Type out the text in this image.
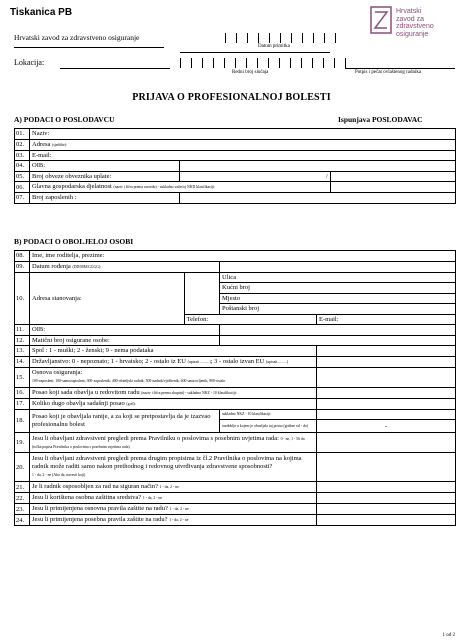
Tiskanica PB
Hrvatski zavod za zdravstveno osiguranje
Lokacija:
Datum primitka
Redni broj slučaja	Potpis i pečat ovlaštenog radnika
Hrvatski
zavod za
zdravstveno
osiguranje
PRIJAVA O PROFESIONALNOJ BOLESTI
A) PODACI O POSLODAVCU	Ispunjava POSLODAVAC
01.	Naziv:		
02.	Adresa (sjedište):		
03.	E-mail:		
04.	OIB:		
05.	Broj obveze obveznika uplate:	/	
06.	Glavna gospodarska djelatnost (naziv i šifra prema razredu) - sukladno važećoj NKD klasifikaciji:		
07.	Broj zaposlenih :		
B) PODACI O OBOLJELOJ OSOBI
08.	Ime, ime roditelja, prezime:			
09.	Datum rođenja (DD/MM/GGGG):			
10.	Adresa stanovanja:		Ulica	
			Kućni broj	
			Mjesto	
			Poštanski broj	
		Telefon:		E-mail:
11.	OIB:			
12.	Matični broj osigurane osobe:			
13.	Spol : 1 - muški; 2 - ženski; 9 - nema podataka			
14.	Državljanstvo: 0 - nepoznato; 1 - hrvatsko; 2 - ostalo iz EU (upisati ..........); 3 - ostalo izvan EU (upisati..........)			
15.	Osnova osiguranja:
100-zaposleni; 100-samozaposleni; 300-zaposlenik; 400-obiteljski radnik; 500-nadnik/vježbenik; 600-umirovljenik; 900-ostalo			

16.	Posao koji sada obavlja u redovitom radu (naziv i šifra prema skupini) - sukladno NKZ - 10 klasifikaciji:			
17.	Koliko dugo obavlja sadašnji posao (god):			
18.	Posao koji je obavljala ranije, a za koji se pretpostavlja da je izazvao profesionalnu bolest		sukladno NKZ - 10 klasifikaciji:	
			razdoblje u kojem je obavljala taj posao (godine od - do)	-
19.	Jesu li obavljani zdravstveni pregledi prema Pravilniku o poslovima s posebnim uvjetima rada: 0 - ne, 1 - 56 da
(točka popisa Pravilnika o poslovima s posebnim uvjetima rada)			

20.	Jesu li obavljani zdravstveni pregledi prema drugim propisima iz čl.2 Pravilnika o poslovima na kojima radnik može raditi samo nakon prethodnog i redovnog utvrđivanja zdravstvene sposobnosti?
1 - da, 2 - ne (Ako da, navesti koji)			

21.	Je li radnik osposobljen za rad na siguran način? 1 - da, 2 - ne			
22.	Jesu li korištena osobna zaštitna sredstva? 1 - da, 2 - ne			
23.	Jesu li primijenjena osnovna pravila zaštite na radu? 1 - da, 2 - ne			
24.	Jesu li primijenjena posebna pravila zaštite na radu? 1 - da, 2 - ne			
1 od 2
